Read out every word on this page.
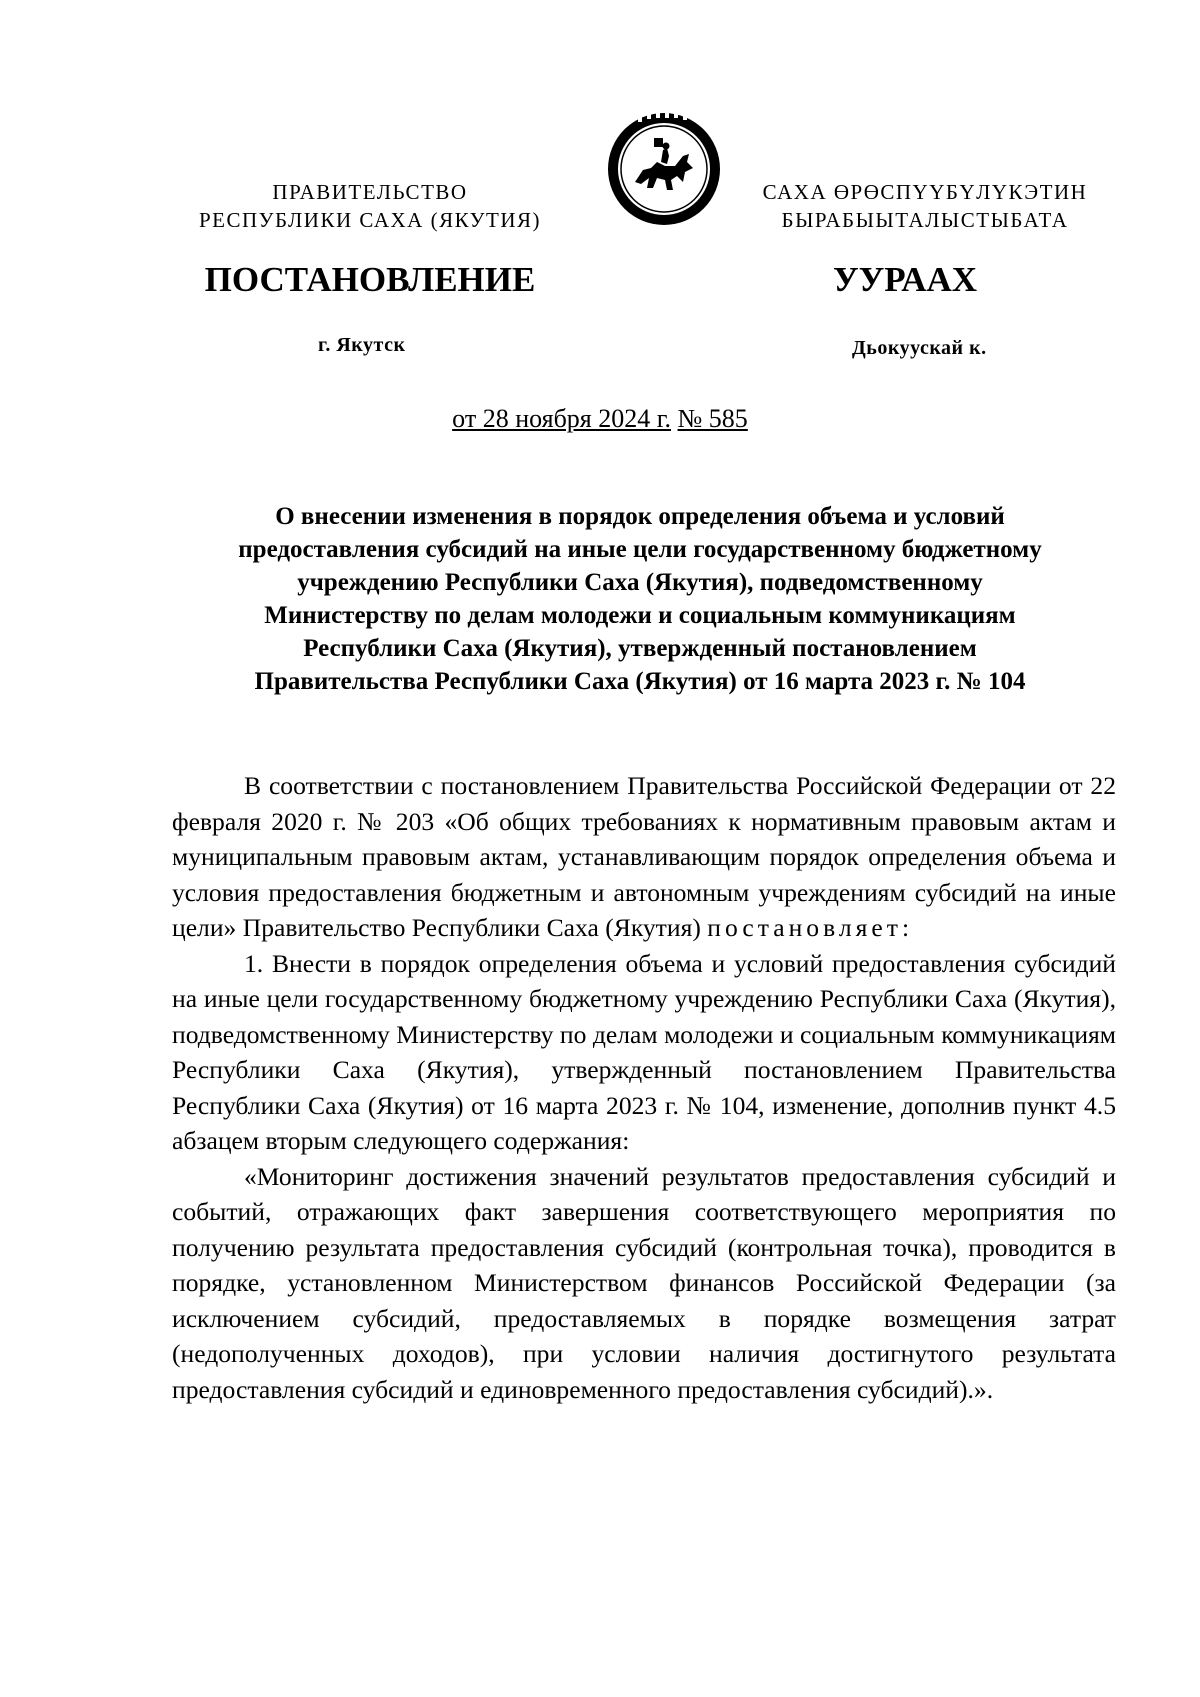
ПРАВИТЕЛЬСТВО
РЕСПУБЛИКИ САХА (ЯКУТИЯ)
САХА ӨРӨСПҮҮБҮЛҮКЭТИН
БЫРАБЫЫТАЛЫСТЫБАТА
ПОСТАНОВЛЕНИЕ	УУРААХ
г. Якутск	Дьокуускай к.
от 28 ноября 2024 г. № 585
О внесении изменения в порядок определения объема и условий
предоставления субсидий на иные цели государственному бюджетному
учреждению Республики Саха (Якутия), подведомственному
Министерству по делам молодежи и социальным коммуникациям
Республики Саха (Якутия), утвержденный постановлением
Правительства Республики Саха (Якутия) от 16 марта 2023 г. № 104

В соответствии с постановлением Правительства Российской Федерации от 22 февраля 2020 г. № 203 «Об общих требованиях к нормативным правовым актам и муниципальным правовым актам, устанавливающим порядок определения объема и условия предоставления бюджетным и автономным учреждениям субсидий на иные цели» Правительство Республики Саха (Якутия) постановляет:

1. Внести в порядок определения объема и условий предоставления субсидий на иные цели государственному бюджетному учреждению Республики Саха (Якутия), подведомственному Министерству по делам молодежи и социальным коммуникациям Республики Саха (Якутия), утвержденный постановлением Правительства Республики Саха (Якутия) от 16 марта 2023 г. № 104, изменение, дополнив пункт 4.5 абзацем вторым следующего содержания:

«Мониторинг достижения значений результатов предоставления субсидий и событий, отражающих факт завершения соответствующего мероприятия по получению результата предоставления субсидий (контрольная точка), проводится в порядке, установленном Министерством финансов Российской Федерации (за исключением субсидий, предоставляемых в порядке возмещения затрат (недополученных доходов), при условии наличия достигнутого результата предоставления субсидий и единовременного предоставления субсидий).».
